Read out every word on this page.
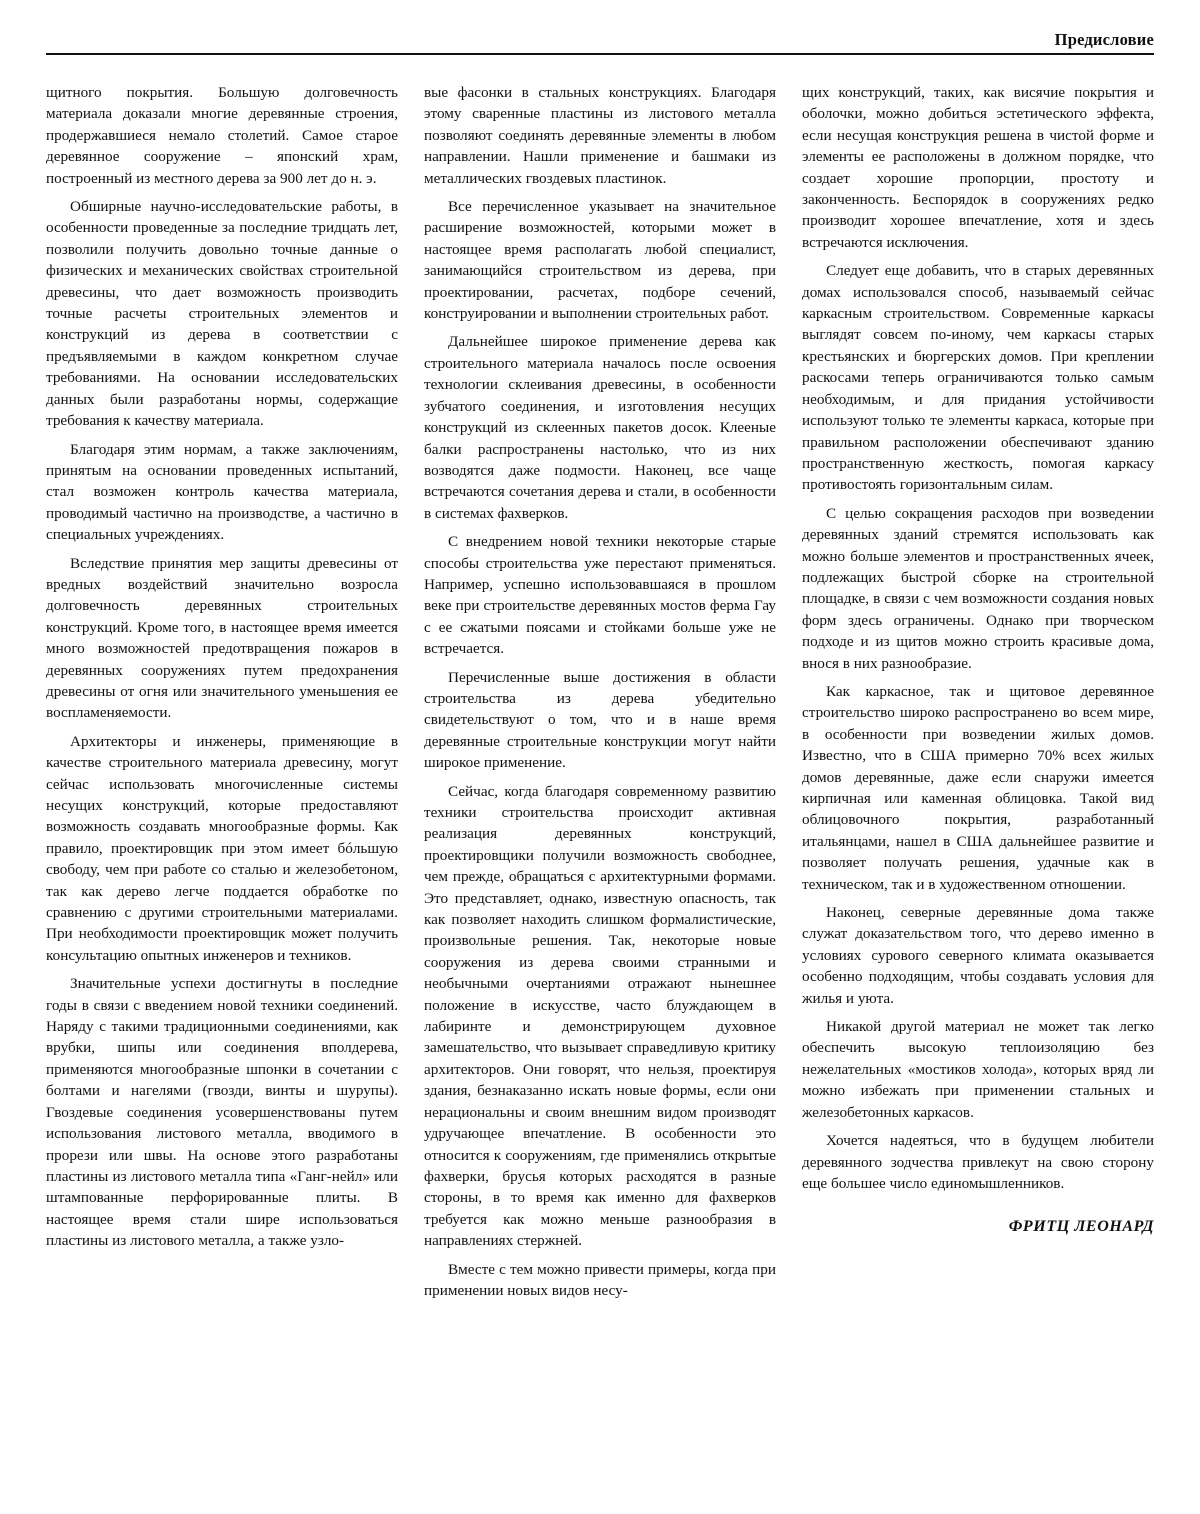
Предисловие

щитного покрытия. Большую долговечность материала доказали многие деревянные строения, продержавшиеся немало столетий. Самое старое деревянное сооружение – японский храм, построенный из местного дерева за 900 лет до н. э.

Обширные научно-исследовательские работы, в особенности проведенные за последние тридцать лет, позволили получить довольно точные данные о физических и механических свойствах строительной древесины, что дает возможность производить точные расчеты строительных элементов и конструкций из дерева в соответствии с предъявляемыми в каждом конкретном случае требованиями. На основании исследовательских данных были разработаны нормы, содержащие требования к качеству материала.

Благодаря этим нормам, а также заключениям, принятым на основании проведенных испытаний, стал возможен контроль качества материала, проводимый частично на производстве, а частично в специальных учреждениях.

Вследствие принятия мер защиты древесины от вредных воздействий значительно возросла долговечность деревянных строительных конструкций. Кроме того, в настоящее время имеется много возможностей предотвращения пожаров в деревянных сооружениях путем предохранения древесины от огня или значительного уменьшения ее воспламеняемости.

Архитекторы и инженеры, применяющие в качестве строительного материала древесину, могут сейчас использовать многочисленные системы несущих конструкций, которые предоставляют возможность создавать многообразные формы. Как правило, проектировщик при этом имеет бóльшую свободу, чем при работе со сталью и железобетоном, так как дерево легче поддается обработке по сравнению с другими строительными материалами. При необходимости проектировщик может получить консультацию опытных инженеров и техников.

Значительные успехи достигнуты в последние годы в связи с введением новой техники соединений. Наряду с такими традиционными соединениями, как врубки, шипы или соединения вполдерева, применяются многообразные шпонки в сочетании с болтами и нагелями (гвозди, винты и шурупы). Гвоздевые соединения усовершенствованы путем использования листового металла, вводимого в прорези или швы. На основе этого разработаны пластины из листового металла типа «Ганг-нейл» или штампованные перфорированные плиты. В настоящее время стали шире использоваться пластины из листового металла, а также узло-

вые фасонки в стальных конструкциях. Благодаря этому сваренные пластины из листового металла позволяют соединять деревянные элементы в любом направлении. Нашли применение и башмаки из металлических гвоздевых пластинок.

Все перечисленное указывает на значительное расширение возможностей, которыми может в настоящее время располагать любой специалист, занимающийся строительством из дерева, при проектировании, расчетах, подборе сечений, конструировании и выполнении строительных работ.

Дальнейшее широкое применение дерева как строительного материала началось после освоения технологии склеивания древесины, в особенности зубчатого соединения, и изготовления несущих конструкций из склеенных пакетов досок. Клееные балки распространены настолько, что из них возводятся даже подмости. Наконец, все чаще встречаются сочетания дерева и стали, в особенности в системах фахверков.

С внедрением новой техники некоторые старые способы строительства уже перестают применяться. Например, успешно использовавшаяся в прошлом веке при строительстве деревянных мостов ферма Гау с ее сжатыми поясами и стойками больше уже не встречается.

Перечисленные выше достижения в области строительства из дерева убедительно свидетельствуют о том, что и в наше время деревянные строительные конструкции могут найти широкое применение.

Сейчас, когда благодаря современному развитию техники строительства происходит активная реализация деревянных конструкций, проектировщики получили возможность свободнее, чем прежде, обращаться с архитектурными формами. Это представляет, однако, известную опасность, так как позволяет находить слишком формалистические, произвольные решения. Так, некоторые новые сооружения из дерева своими странными и необычными очертаниями отражают нынешнее положение в искусстве, часто блуждающем в лабиринте и демонстрирующем духовное замешательство, что вызывает справедливую критику архитекторов. Они говорят, что нельзя, проектируя здания, безнаказанно искать новые формы, если они нерациональны и своим внешним видом производят удручающее впечатление. В особенности это относится к сооружениям, где применялись открытые фахверки, брусья которых расходятся в разные стороны, в то время как именно для фахверков требуется как можно меньше разнообразия в направлениях стержней.

Вместе с тем можно привести примеры, когда при применении новых видов несу-

щих конструкций, таких, как висячие покрытия и оболочки, можно добиться эстетического эффекта, если несущая конструкция решена в чистой форме и элементы ее расположены в должном порядке, что создает хорошие пропорции, простоту и законченность. Беспорядок в сооружениях редко производит хорошее впечатление, хотя и здесь встречаются исключения.

Следует еще добавить, что в старых деревянных домах использовался способ, называемый сейчас каркасным строительством. Современные каркасы выглядят совсем по-иному, чем каркасы старых крестьянских и бюргерских домов. При креплении раскосами теперь ограничиваются только самым необходимым, и для придания устойчивости используют только те элементы каркаса, которые при правильном расположении обеспечивают зданию пространственную жесткость, помогая каркасу противостоять горизонтальным силам.

С целью сокращения расходов при возведении деревянных зданий стремятся использовать как можно больше элементов и пространственных ячеек, подлежащих быстрой сборке на строительной площадке, в связи с чем возможности создания новых форм здесь ограничены. Однако при творческом подходе и из щитов можно строить красивые дома, внося в них разнообразие.

Как каркасное, так и щитовое деревянное строительство широко распространено во всем мире, в особенности при возведении жилых домов. Известно, что в США примерно 70% всех жилых домов деревянные, даже если снаружи имеется кирпичная или каменная облицовка. Такой вид облицовочного покрытия, разработанный итальянцами, нашел в США дальнейшее развитие и позволяет получать решения, удачные как в техническом, так и в художественном отношении.

Наконец, северные деревянные дома также служат доказательством того, что дерево именно в условиях сурового северного климата оказывается особенно подходящим, чтобы создавать условия для жилья и уюта.

Никакой другой материал не может так легко обеспечить высокую теплоизоляцию без нежелательных «мостиков холода», которых вряд ли можно избежать при применении стальных и железобетонных каркасов.

Хочется надеяться, что в будущем любители деревянного зодчества привлекут на свою сторону еще большее число единомышленников.

ФРИТЦ ЛЕОНАРД
